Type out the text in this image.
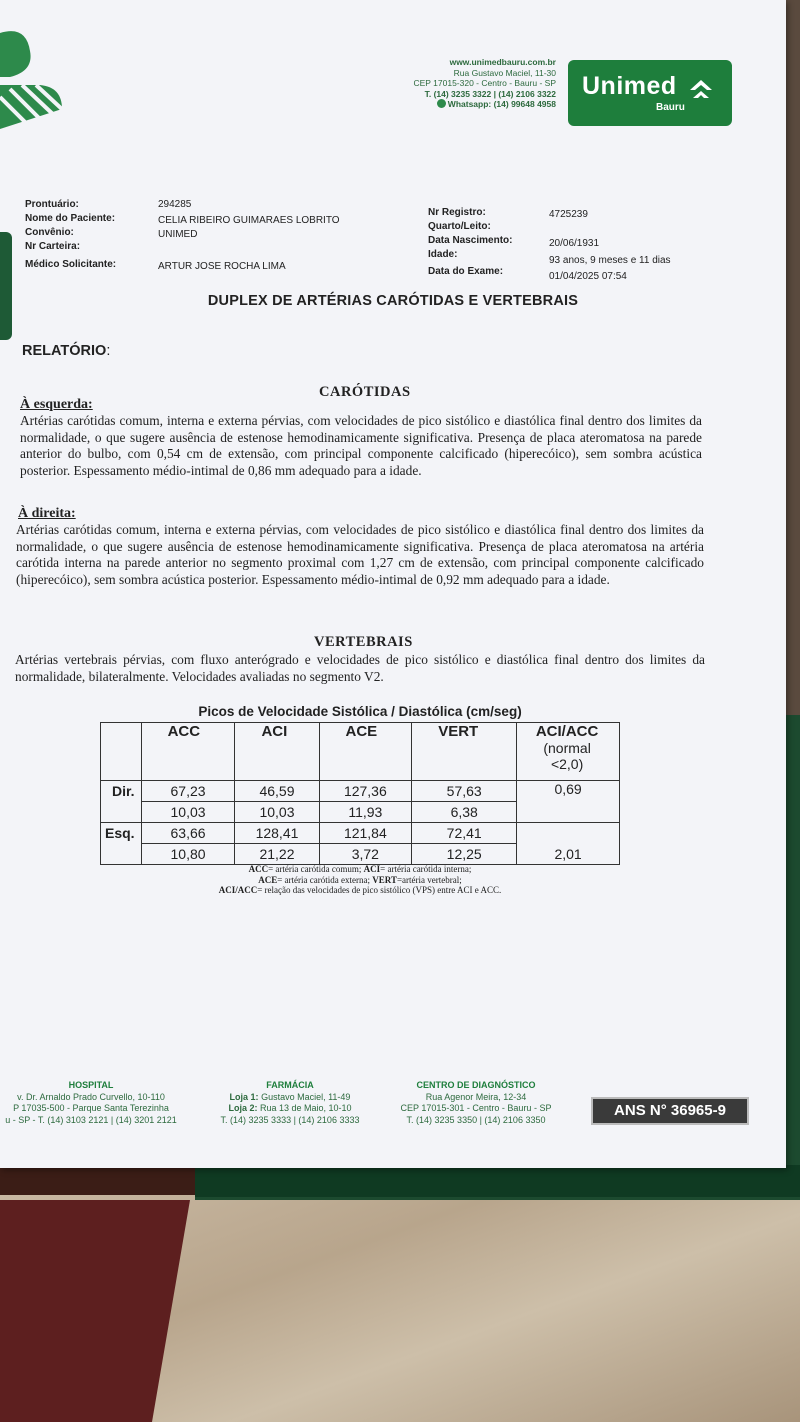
www.unimedbauru.com.br
Rua Gustavo Maciel, 11-30
CEP 17015-320 - Centro - Bauru - SP
T. (14) 3235 3322 | (14) 2106 3322
Whatsapp: (14) 99648 4958
Unimed
Bauru
Prontuário:	294285
Nome do Paciente:	CELIA RIBEIRO GUIMARAES LOBRITO
Convênio:	UNIMED
Nr Carteira:
Médico Solicitante:	ARTUR JOSE ROCHA LIMA
Nr Registro:	4725239
Quarto/Leito:
Data Nascimento:	20/06/1931
Idade:
93 anos, 9 meses e 11 dias
Data do Exame:	01/04/2025 07:54
DUPLEX DE ARTÉRIAS CARÓTIDAS E VERTEBRAIS
RELATÓRIO:
CARÓTIDAS
À esquerda:
Artérias carótidas comum, interna e externa pérvias, com velocidades de pico sistólico e diastólica final dentro dos limites da normalidade, o que sugere ausência de estenose hemodinamicamente significativa. Presença de placa ateromatosa na parede anterior do bulbo, com 0,54 cm de extensão, com principal componente calcificado (hiperecóico), sem sombra acústica posterior. Espessamento médio-intimal de 0,86 mm adequado para a idade.
À direita:
Artérias carótidas comum, interna e externa pérvias, com velocidades de pico sistólico e diastólica final dentro dos limites da normalidade, o que sugere ausência de estenose hemodinamicamente significativa. Presença de placa ateromatosa na artéria carótida interna na parede anterior no segmento proximal com 1,27 cm de extensão, com principal componente calcificado (hiperecóico), sem sombra acústica posterior. Espessamento médio-intimal de 0,92 mm adequado para a idade.
VERTEBRAIS
Artérias vertebrais pérvias, com fluxo anterógrado e velocidades de pico sistólico e diastólica final dentro dos limites da normalidade, bilateralmente. Velocidades avaliadas no segmento V2.
Picos de Velocidade Sistólica / Diastólica (cm/seg)
	ACC	ACI	ACE	VERT	ACI/ACC
(normal
<2,0)

Dir.	67,23	46,59	127,36	57,63	0,69
	10,03	10,03	11,93	6,38	
Esq.	63,66	128,41	121,84	72,41	
	10,80	21,22	3,72	12,25	2,01
ACC= artéria carótida comum; ACI= artéria carótida interna;
ACE= artéria carótida externa; VERT=artéria vertebral;
ACI/ACC= relação das velocidades de pico sistólico (VPS) entre ACI e ACC.
HOSPITAL
v. Dr. Arnaldo Prado Curvello, 10-110
P 17035-500 - Parque Santa Terezinha
u - SP - T. (14) 3103 2121 | (14) 3201 2121
FARMÁCIA
Loja 1: Gustavo Maciel, 11-49
Loja 2: Rua 13 de Maio, 10-10
T. (14) 3235 3333 | (14) 2106 3333
CENTRO DE DIAGNÓSTICO
Rua Agenor Meira, 12-34
CEP 17015-301 - Centro - Bauru - SP
T. (14) 3235 3350 | (14) 2106 3350
ANS N° 36965-9
